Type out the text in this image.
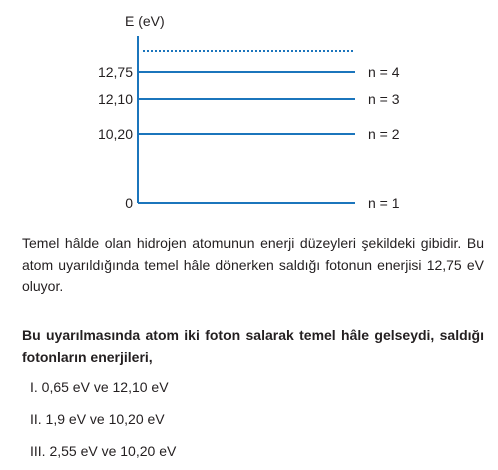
E (eV)
12,75	n = 4
12,10	n = 3
10,20	n = 2
0	n = 1

Temel hâlde olan hidrojen atomunun enerji düzeyleri şekildeki gibidir. Bu atom uyarıldığında temel hâle dönerken saldığı fotonun enerjisi 12,75 eV oluyor.

Bu uyarılmasında atom iki foton salarak temel hâle gelseydi, saldığı fotonların enerjileri,

I. 0,65 eV ve 12,10 eV

II. 1,9 eV ve 10,20 eV

III. 2,55 eV ve 10,20 eV
